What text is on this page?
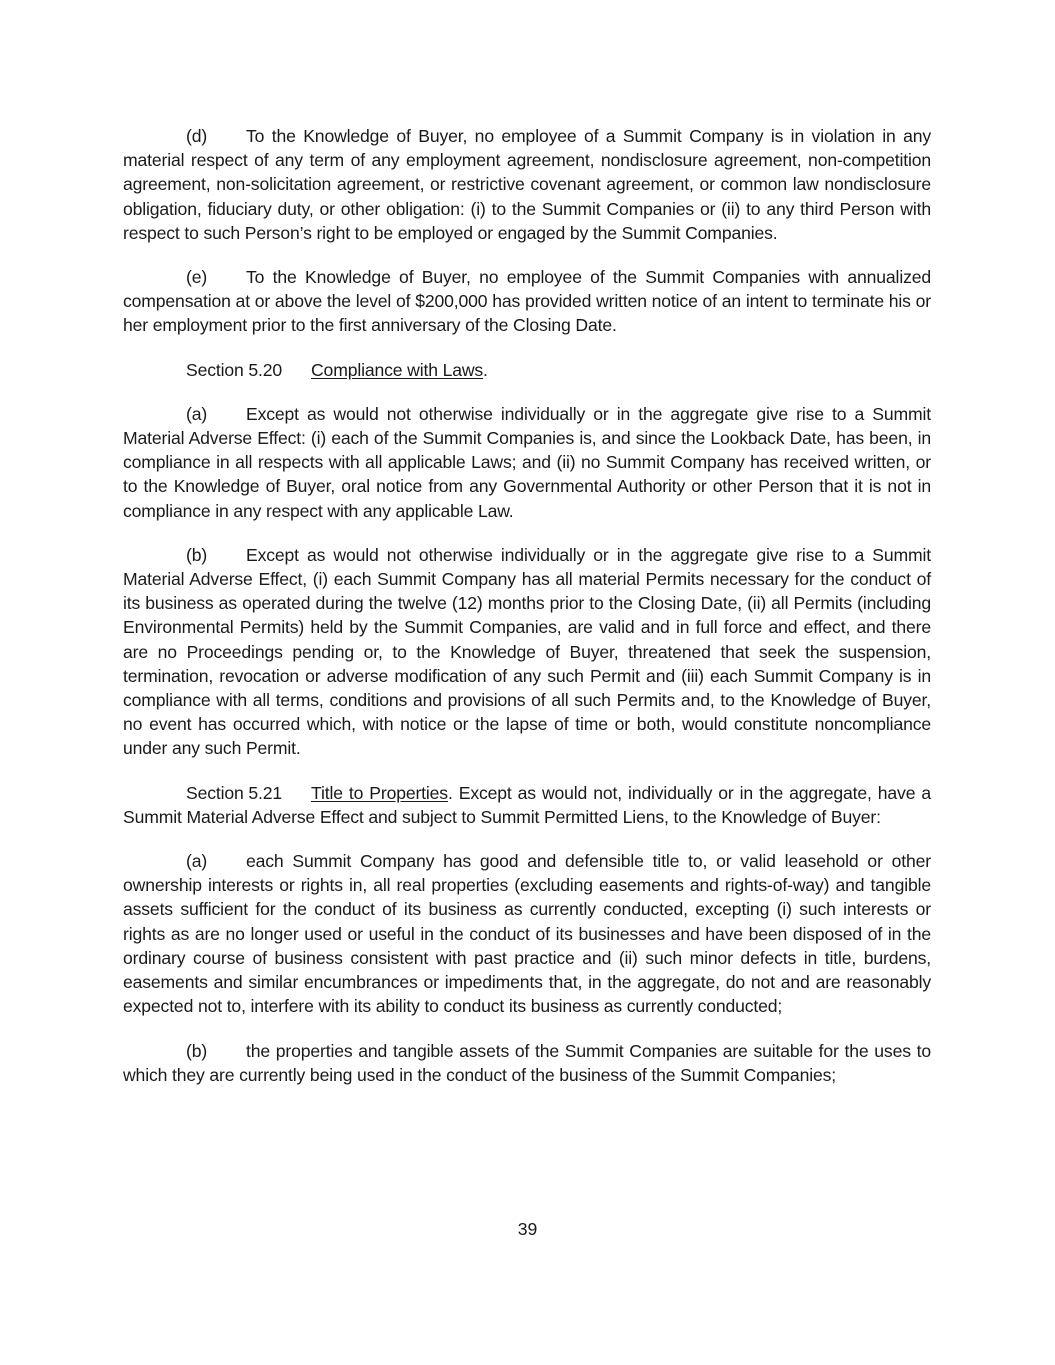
(d) To the Knowledge of Buyer, no employee of a Summit Company is in violation in any material respect of any term of any employment agreement, nondisclosure agreement, non-competition agreement, non-solicitation agreement, or restrictive covenant agreement, or common law nondisclosure obligation, fiduciary duty, or other obligation: (i) to the Summit Companies or (ii) to any third Person with respect to such Person’s right to be employed or engaged by the Summit Companies.

(e) To the Knowledge of Buyer, no employee of the Summit Companies with annualized compensation at or above the level of $200,000 has provided written notice of an intent to terminate his or her employment prior to the first anniversary of the Closing Date.

Section 5.20 Compliance with Laws.

(a) Except as would not otherwise individually or in the aggregate give rise to a Summit Material Adverse Effect: (i) each of the Summit Companies is, and since the Lookback Date, has been, in compliance in all respects with all applicable Laws; and (ii) no Summit Company has received written, or to the Knowledge of Buyer, oral notice from any Governmental Authority or other Person that it is not in compliance in any respect with any applicable Law.

(b) Except as would not otherwise individually or in the aggregate give rise to a Summit Material Adverse Effect, (i) each Summit Company has all material Permits necessary for the conduct of its business as operated during the twelve (12) months prior to the Closing Date, (ii) all Permits (including Environmental Permits) held by the Summit Companies, are valid and in full force and effect, and there are no Proceedings pending or, to the Knowledge of Buyer, threatened that seek the suspension, termination, revocation or adverse modification of any such Permit and (iii) each Summit Company is in compliance with all terms, conditions and provisions of all such Permits and, to the Knowledge of Buyer, no event has occurred which, with notice or the lapse of time or both, would constitute noncompliance under any such Permit.

Section 5.21 Title to Properties. Except as would not, individually or in the aggregate, have a Summit Material Adverse Effect and subject to Summit Permitted Liens, to the Knowledge of Buyer:

(a) each Summit Company has good and defensible title to, or valid leasehold or other ownership interests or rights in, all real properties (excluding easements and rights-of-way) and tangible assets sufficient for the conduct of its business as currently conducted, excepting (i) such interests or rights as are no longer used or useful in the conduct of its businesses and have been disposed of in the ordinary course of business consistent with past practice and (ii) such minor defects in title, burdens, easements and similar encumbrances or impediments that, in the aggregate, do not and are reasonably expected not to, interfere with its ability to conduct its business as currently conducted;

(b) the properties and tangible assets of the Summit Companies are suitable for the uses to which they are currently being used in the conduct of the business of the Summit Companies;

39
